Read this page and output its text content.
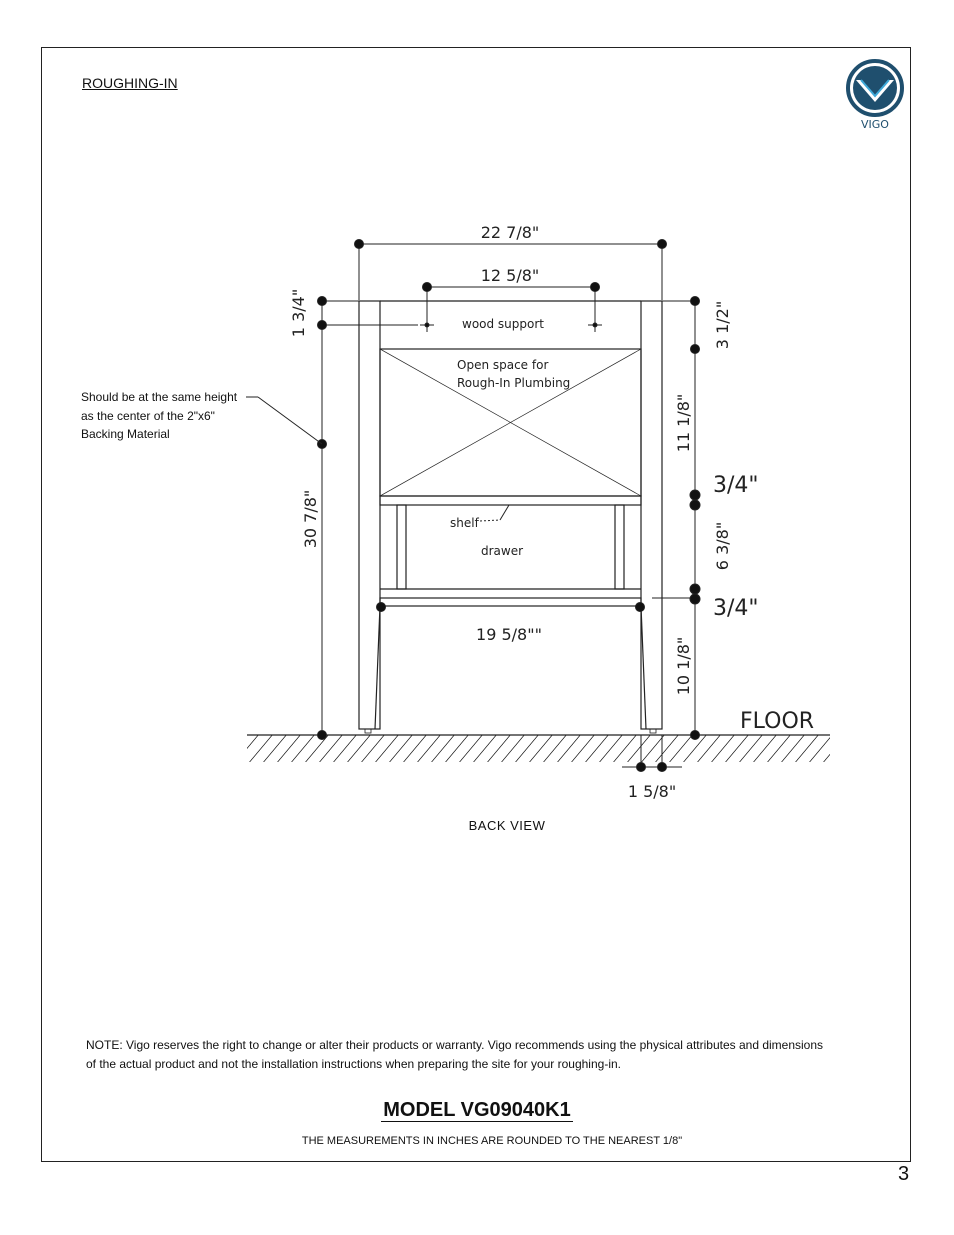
ROUGHING-IN
VIGO
22 7/8"
12 5/8"
19 5/8""
1 5/8"
1 3/4"
30 7/8"
3 1/2"
11 1/8"
3/4"
6 3/8"
3/4"
10 1/8"
FLOOR
wood support
Open space for
Rough-In Plumbing
shelf
drawer
Should be at the same height
as the center of the 2"x6"
Backing Material
BACK VIEW
NOTE: Vigo reserves the right to change or alter their products or warranty. Vigo recommends using the physical attributes and dimensions
of the actual product and not the installation instructions when preparing the site for your roughing-in.
MODEL VG09040K1
THE MEASUREMENTS IN INCHES ARE ROUNDED TO THE NEAREST 1/8"
3
